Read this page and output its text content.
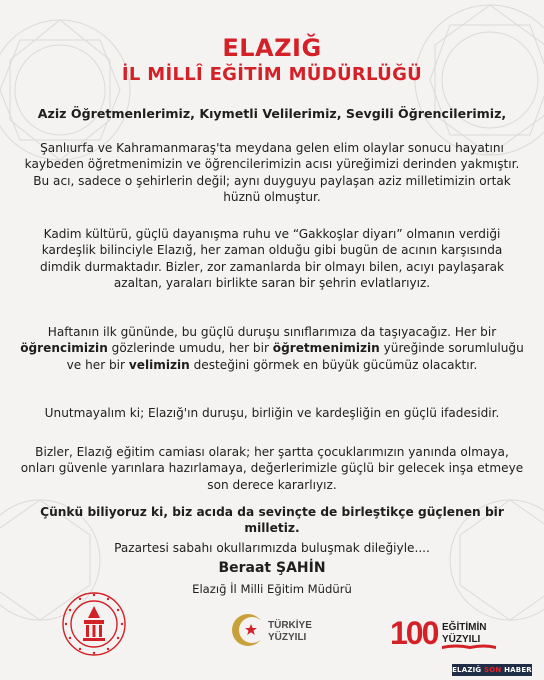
ELAZIĞ
İL MİLLÎ EĞİTİM MÜDÜRLÜĞÜ

Aziz Öğretmenlerimiz, Kıymetli Velilerimiz, Sevgili Öğrencilerimiz,

Şanlıurfa ve Kahramanmaraş'ta meydana gelen elim olaylar sonucu hayatını kaybeden öğretmenimizin ve öğrencilerimizin acısı yüreğimizi derinden yakmıştır. Bu acı, sadece o şehirlerin değil; aynı duyguyu paylaşan aziz milletimizin ortak hüznü olmuştur.

Kadim kültürü, güçlü dayanışma ruhu ve “Gakkoşlar diyarı” olmanın verdiği kardeşlik bilinciyle Elazığ, her zaman olduğu gibi bugün de acının karşısında dimdik durmaktadır. Bizler, zor zamanlarda bir olmayı bilen, acıyı paylaşarak azaltan, yaraları birlikte saran bir şehrin evlatlarıyız.

Haftanın ilk gününde, bu güçlü duruşu sınıflarımıza da taşıyacağız. Her bir öğrencimizin gözlerinde umudu, her bir öğretmenimizin yüreğinde sorumluluğu ve her bir velimizin desteğini görmek en büyük gücümüz olacaktır.

Unutmayalım ki; Elazığ'ın duruşu, birliğin ve kardeşliğin en güçlü ifadesidir.

Bizler, Elazığ eğitim camiası olarak; her şartta çocuklarımızın yanında olmaya, onları güvenle yarınlara hazırlamaya, değerlerimizle güçlü bir gelecek inşa etmeye son derece kararlıyız.

Çünkü biliyoruz ki, biz acıda da sevinçte de birleştikçe güçlenen bir milletiz.

Pazartesi sabahı okullarımızda buluşmak dileğiyle....

Beraat ŞAHİN

Elazığ İl Milli Eğitim Müdürü

TÜRKİYE
YÜZYILI	100 EĞİTİMİN
YÜZYILI
ELAZIĞ SON HABER
